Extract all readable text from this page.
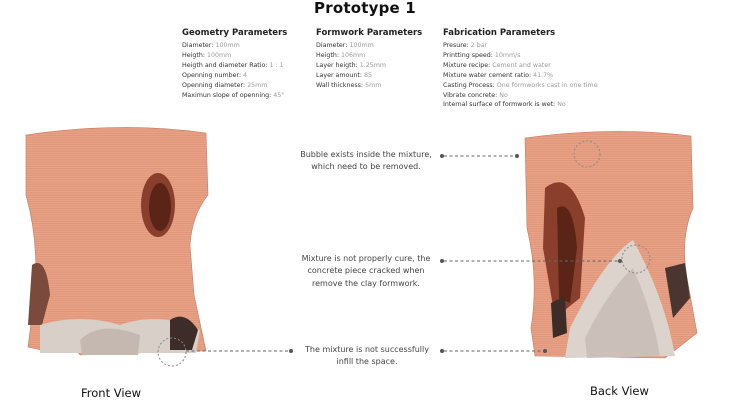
Prototype 1
Geometry Parameters
Diameter: 100mm
Heigth: 100mm
Heigth and diameter Ratio: 1 : 1
Openning number: 4
Openning diameter: 25mm
Maximun slope of openning: 45°
Formwork Parameters
Diameter: 100mm
Heigth: 106mm
Layer heigth: 1.25mm
Layer amount: 85
Wall thickness: 5mm
Fabrication Parameters
Presure: 2 bar
Printting speed: 10mm/s
Mixture recipe: Cement and water
Mixture water cement ratio: 41.7%
Casting Process: One formworks cast in one time
Vibrate concrete: No
Internal surface of formwork is wet: No
Bubble exists inside the mixture,
which need to be removed.
Mixture is not properly cure, the
concrete piece cracked when
remove the clay formwork.
The mixture is not successfully
infill the space.
Front View	Back View
